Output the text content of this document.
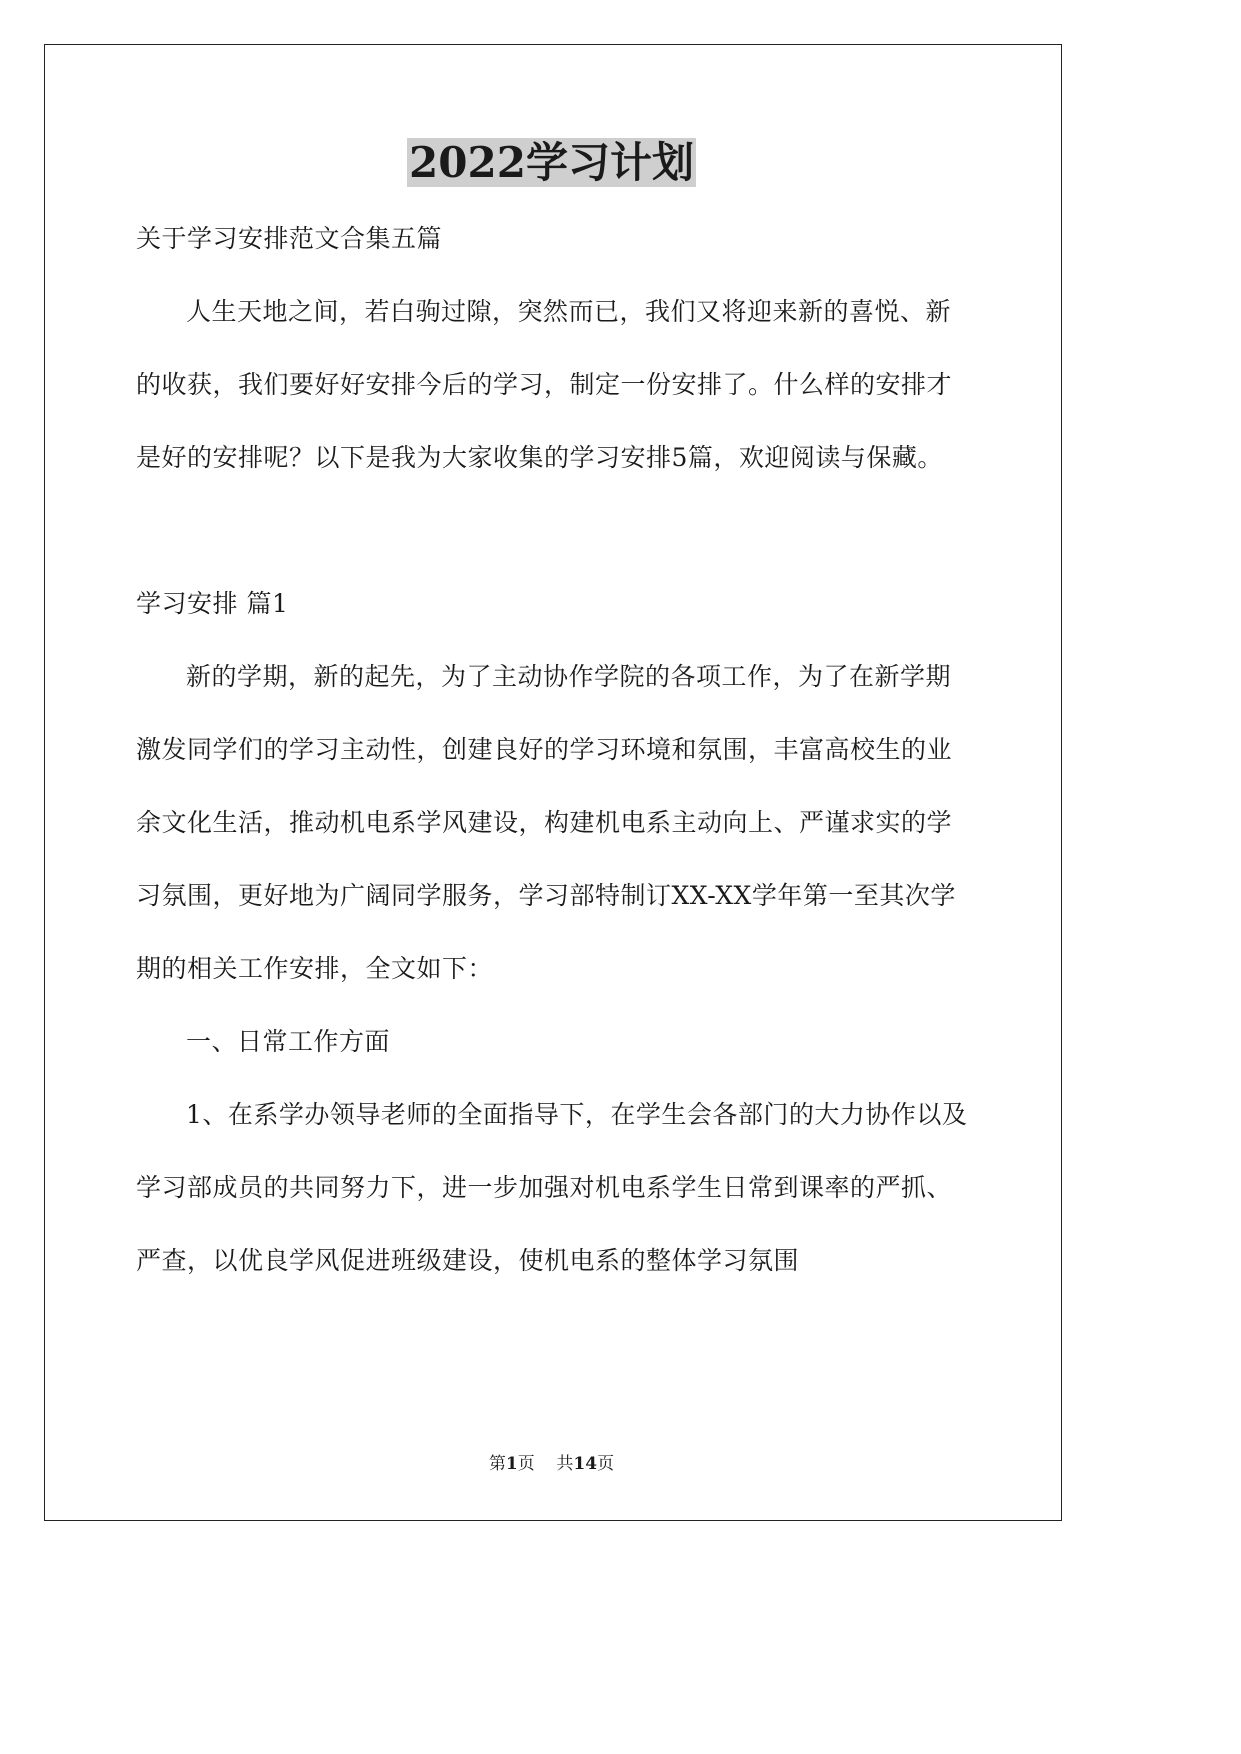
2022学习计划

关于学习安排范文合集五篇

人生天地之间，若白驹过隙，突然而已，我们又将迎来新的喜悦、新的收获，我们要好好安排今后的学习，制定一份安排了。什么样的安排才是好的安排呢？以下是我为大家收集的学习安排5篇，欢迎阅读与保藏。

学习安排 篇1

新的学期，新的起先，为了主动协作学院的各项工作，为了在新学期激发同学们的学习主动性，创建良好的学习环境和氛围，丰富高校生的业余文化生活，推动机电系学风建设，构建机电系主动向上、严谨求实的学习氛围，更好地为广阔同学服务，学习部特制订XX-XX学年第一至其次学期的相关工作安排，全文如下：

一、日常工作方面

1、在系学办领导老师的全面指导下，在学生会各部门的大力协作以及学习部成员的共同努力下，进一步加强对机电系学生日常到课率的严抓、严查，以优良学风促进班级建设，使机电系的整体学习氛围

第1页 共14页
